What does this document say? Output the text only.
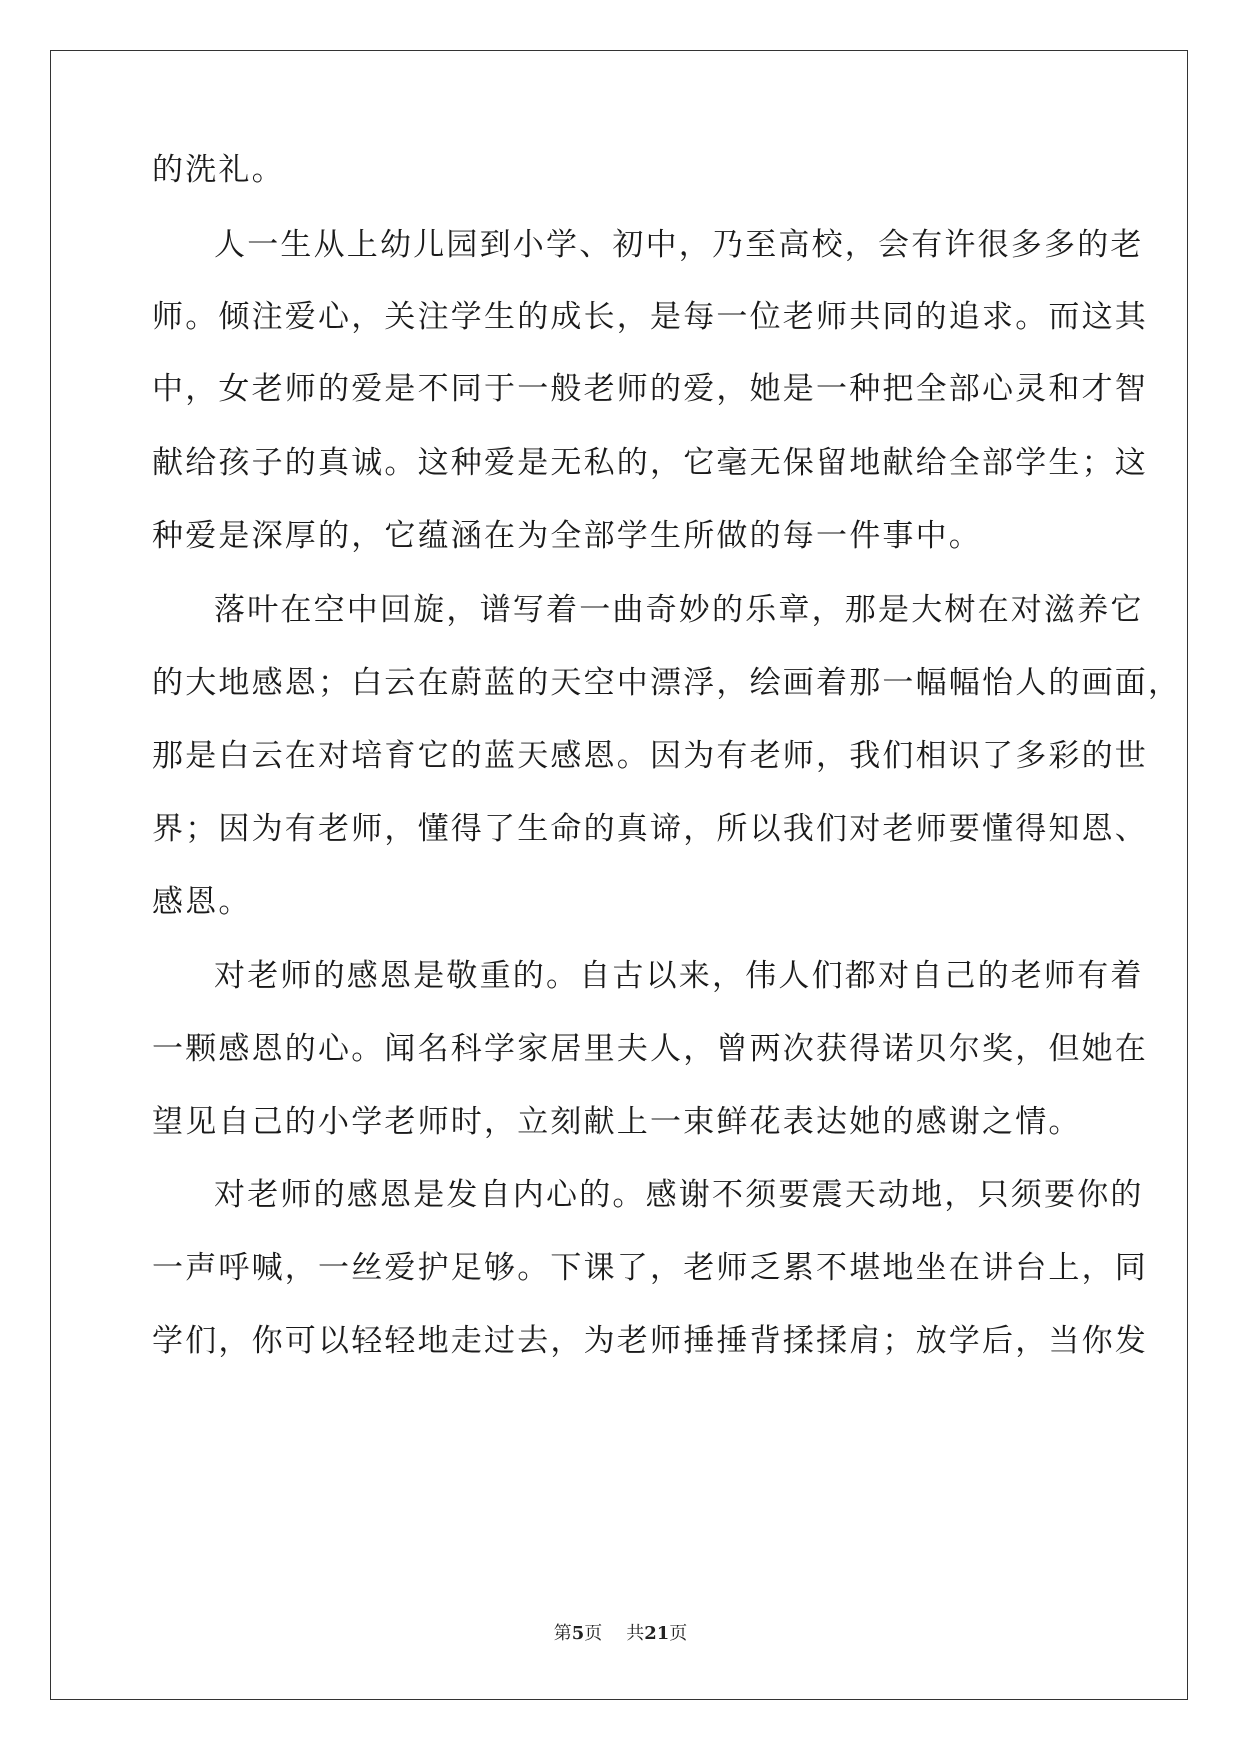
的洗礼。
人一生从上幼儿园到小学、初中，乃至高校，会有许很多多的老
师。倾注爱心，关注学生的成长，是每一位老师共同的追求。而这其
中，女老师的爱是不同于一般老师的爱，她是一种把全部心灵和才智
献给孩子的真诚。这种爱是无私的，它毫无保留地献给全部学生；这
种爱是深厚的，它蕴涵在为全部学生所做的每一件事中。
落叶在空中回旋，谱写着一曲奇妙的乐章，那是大树在对滋养它
的大地感恩；白云在蔚蓝的天空中漂浮，绘画着那一幅幅怡人的画面，
那是白云在对培育它的蓝天感恩。因为有老师，我们相识了多彩的世
界；因为有老师，懂得了生命的真谛，所以我们对老师要懂得知恩、
感恩。
对老师的感恩是敬重的。自古以来，伟人们都对自己的老师有着
一颗感恩的心。闻名科学家居里夫人，曾两次获得诺贝尔奖，但她在
望见自己的小学老师时，立刻献上一束鲜花表达她的感谢之情。
对老师的感恩是发自内心的。感谢不须要震天动地，只须要你的
一声呼喊，一丝爱护足够。下课了，老师乏累不堪地坐在讲台上，同
学们，你可以轻轻地走过去，为老师捶捶背揉揉肩；放学后，当你发
第5页 共21页
